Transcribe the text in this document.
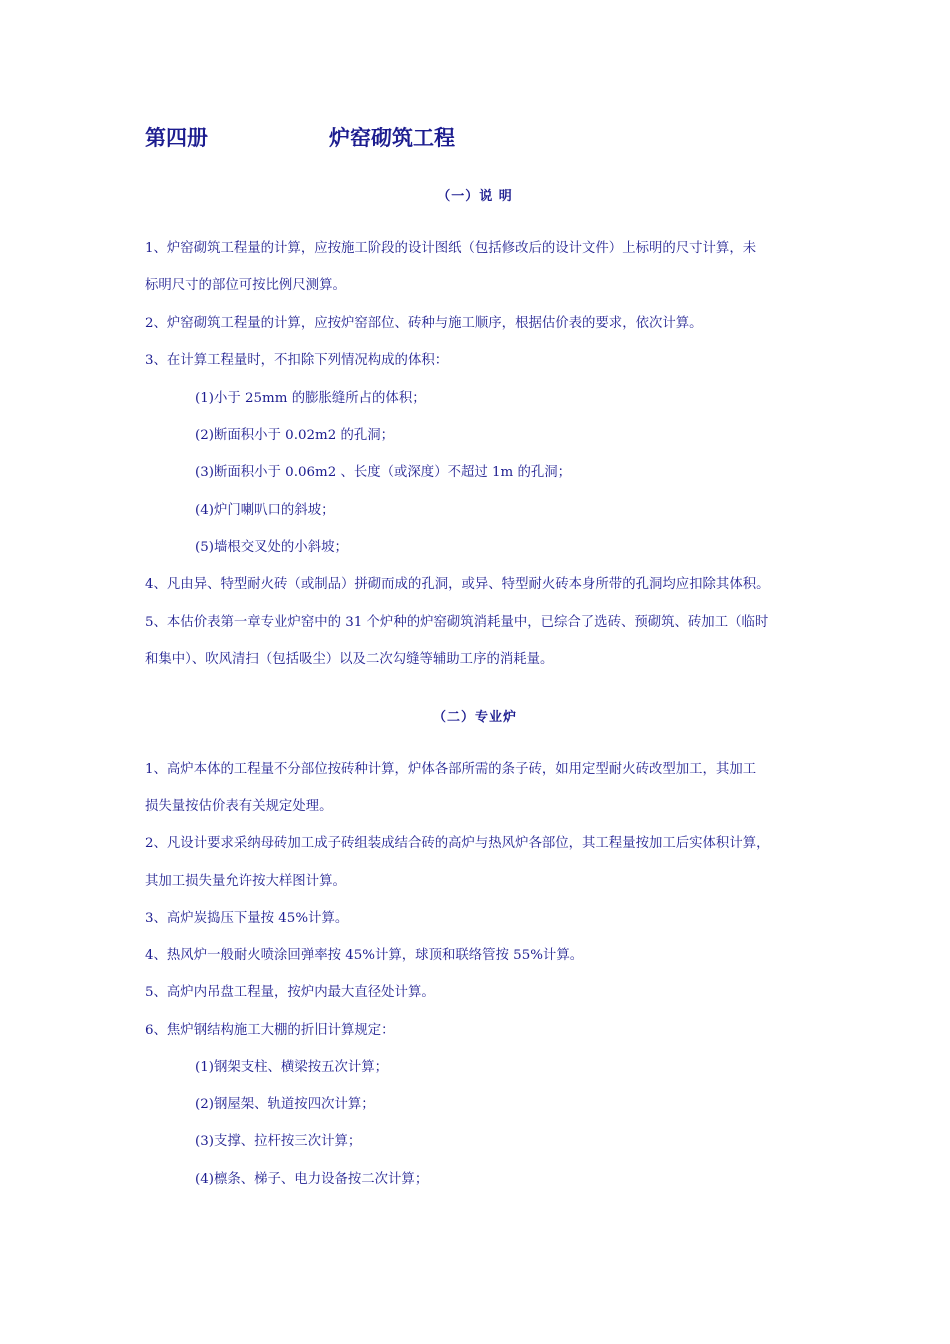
第四册	炉窑砌筑工程
（一）说 明
1、炉窑砌筑工程量的计算，应按施工阶段的设计图纸（包括修改后的设计文件）上标明的尺寸计算，未
标明尺寸的部位可按比例尺测算。
2、炉窑砌筑工程量的计算，应按炉窑部位、砖种与施工顺序，根据估价表的要求，依次计算。
3、在计算工程量时，不扣除下列情况构成的体积：
(1)小于 25mm 的膨胀缝所占的体积；
(2)断面积小于 0.02m2 的孔洞；
(3)断面积小于 0.06m2 、长度（或深度）不超过 1m 的孔洞；
(4)炉门喇叭口的斜坡；
(5)墙根交叉处的小斜坡；
4、凡由异、特型耐火砖（或制品）拼砌而成的孔洞，或异、特型耐火砖本身所带的孔洞均应扣除其体积。
5、本估价表第一章专业炉窑中的 31 个炉种的炉窑砌筑消耗量中，已综合了选砖、预砌筑、砖加工（临时
和集中）、吹风清扫（包括吸尘）以及二次勾缝等辅助工序的消耗量。
（二）专业炉
1、高炉本体的工程量不分部位按砖种计算，炉体各部所需的条子砖，如用定型耐火砖改型加工，其加工
损失量按估价表有关规定处理。
2、凡设计要求采纳母砖加工成子砖组装成结合砖的高炉与热风炉各部位，其工程量按加工后实体积计算，
其加工损失量允许按大样图计算。
3、高炉炭捣压下量按 45%计算。
4、热风炉一般耐火喷涂回弹率按 45%计算，球顶和联络管按 55%计算。
5、高炉内吊盘工程量，按炉内最大直径处计算。
6、焦炉钢结构施工大棚的折旧计算规定：
(1)钢架支柱、横梁按五次计算；
(2)钢屋架、轨道按四次计算；
(3)支撑、拉杆按三次计算；
(4)檩条、梯子、电力设备按二次计算；
